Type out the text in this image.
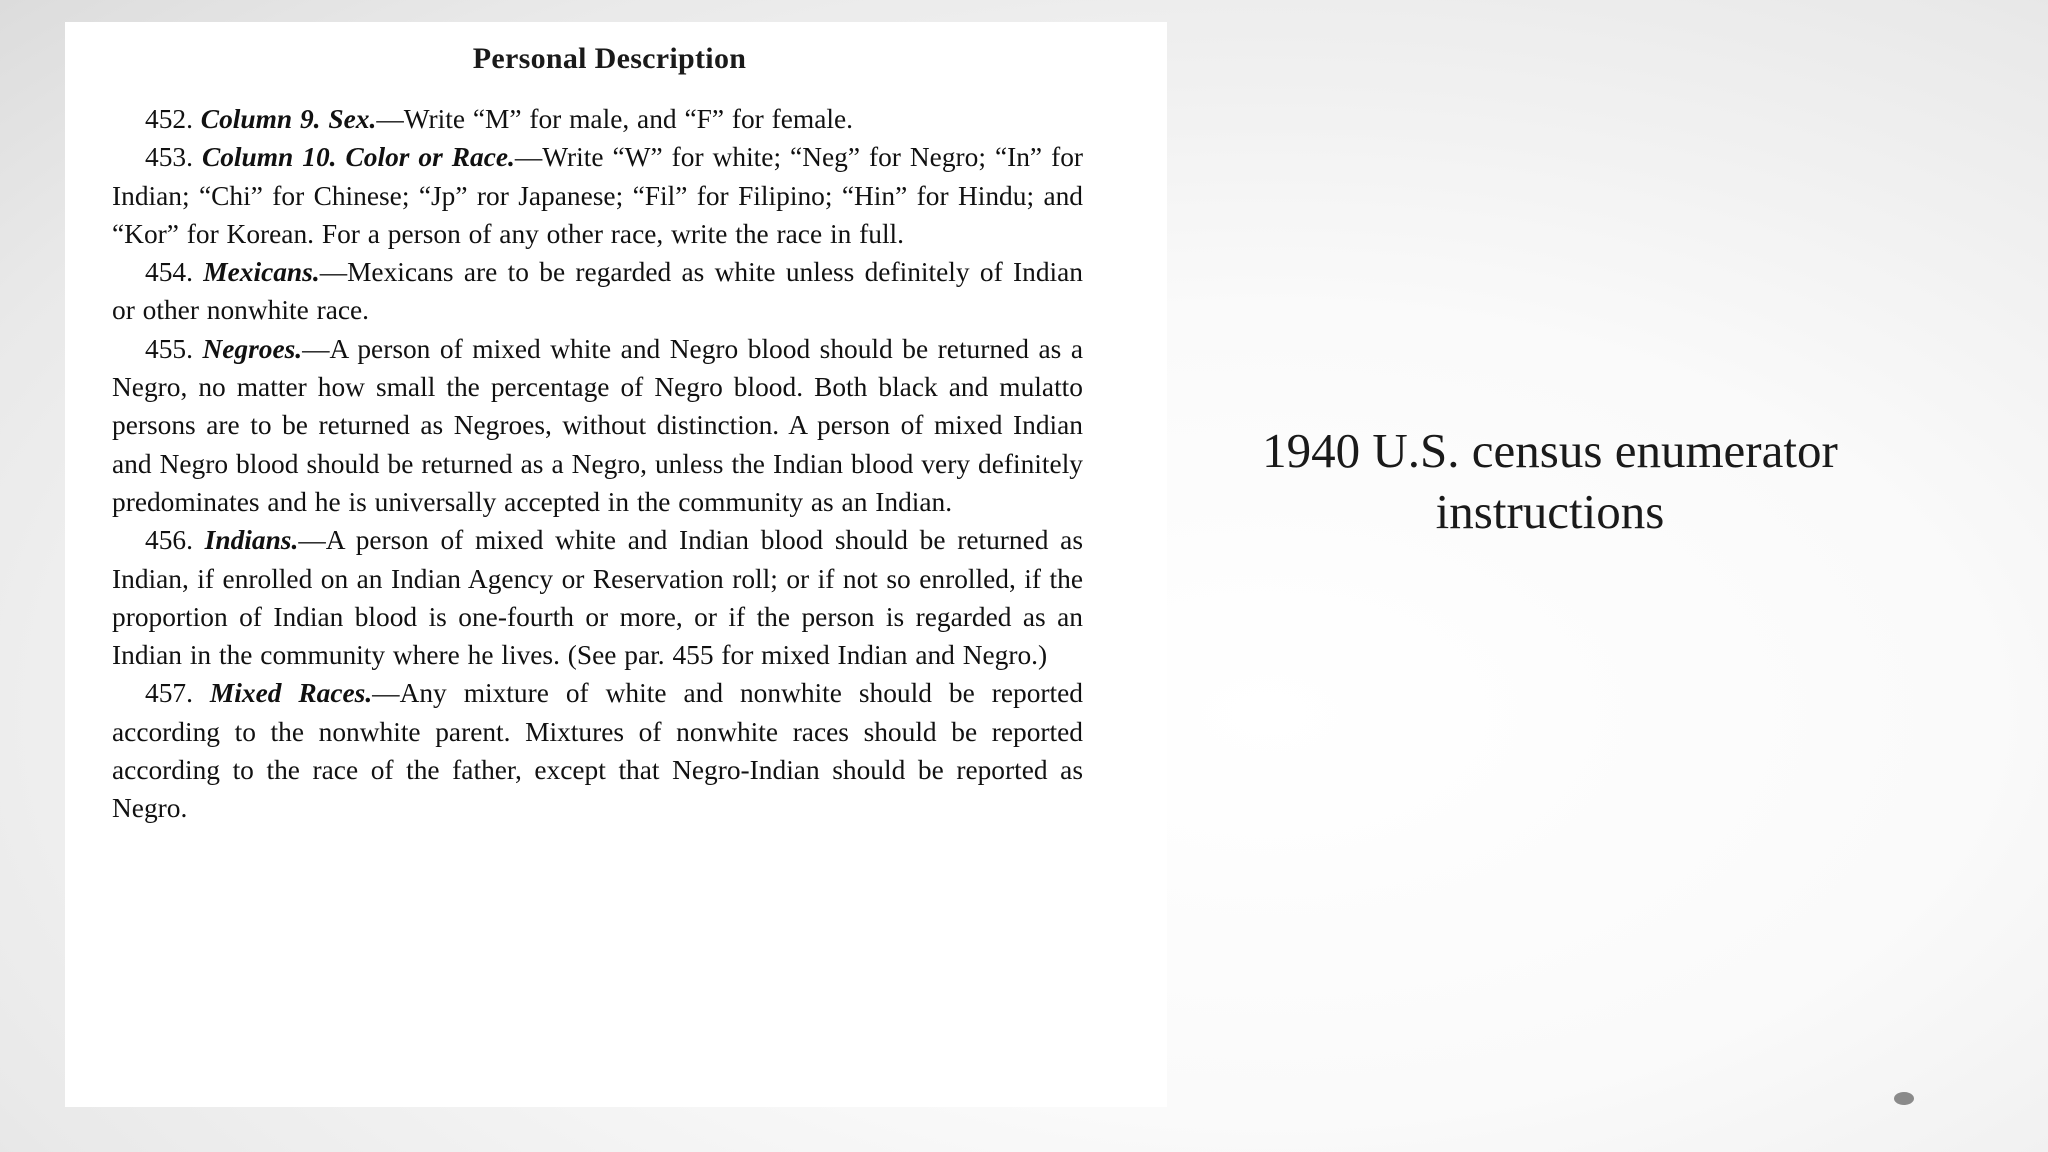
Personal Description

452. Column 9. Sex.—Write “M” for male, and “F” for female.

453. Column 10. Color or Race.—Write “W” for white; “Neg” for Negro; “In” for Indian; “Chi” for Chinese; “Jp” ror Japanese; “Fil” for Filipino; “Hin” for Hindu; and “Kor” for Korean. For a person of any other race, write the race in full.

454. Mexicans.—Mexicans are to be regarded as white unless definitely of Indian or other nonwhite race.

455. Negroes.—A person of mixed white and Negro blood should be returned as a Negro, no matter how small the percentage of Negro blood. Both black and mulatto persons are to be returned as Negroes, without distinction. A person of mixed Indian and Negro blood should be returned as a Negro, unless the Indian blood very definitely predominates and he is universally accepted in the community as an Indian.

456. Indians.—A person of mixed white and Indian blood should be returned as Indian, if enrolled on an Indian Agency or Reservation roll; or if not so enrolled, if the proportion of Indian blood is one-fourth or more, or if the person is regarded as an Indian in the community where he lives. (See par. 455 for mixed Indian and Negro.)

457. Mixed Races.—Any mixture of white and nonwhite should be reported according to the nonwhite parent. Mixtures of nonwhite races should be reported according to the race of the father, except that Negro-Indian should be reported as Negro.

1940 U.S. census enumerator
instructions
